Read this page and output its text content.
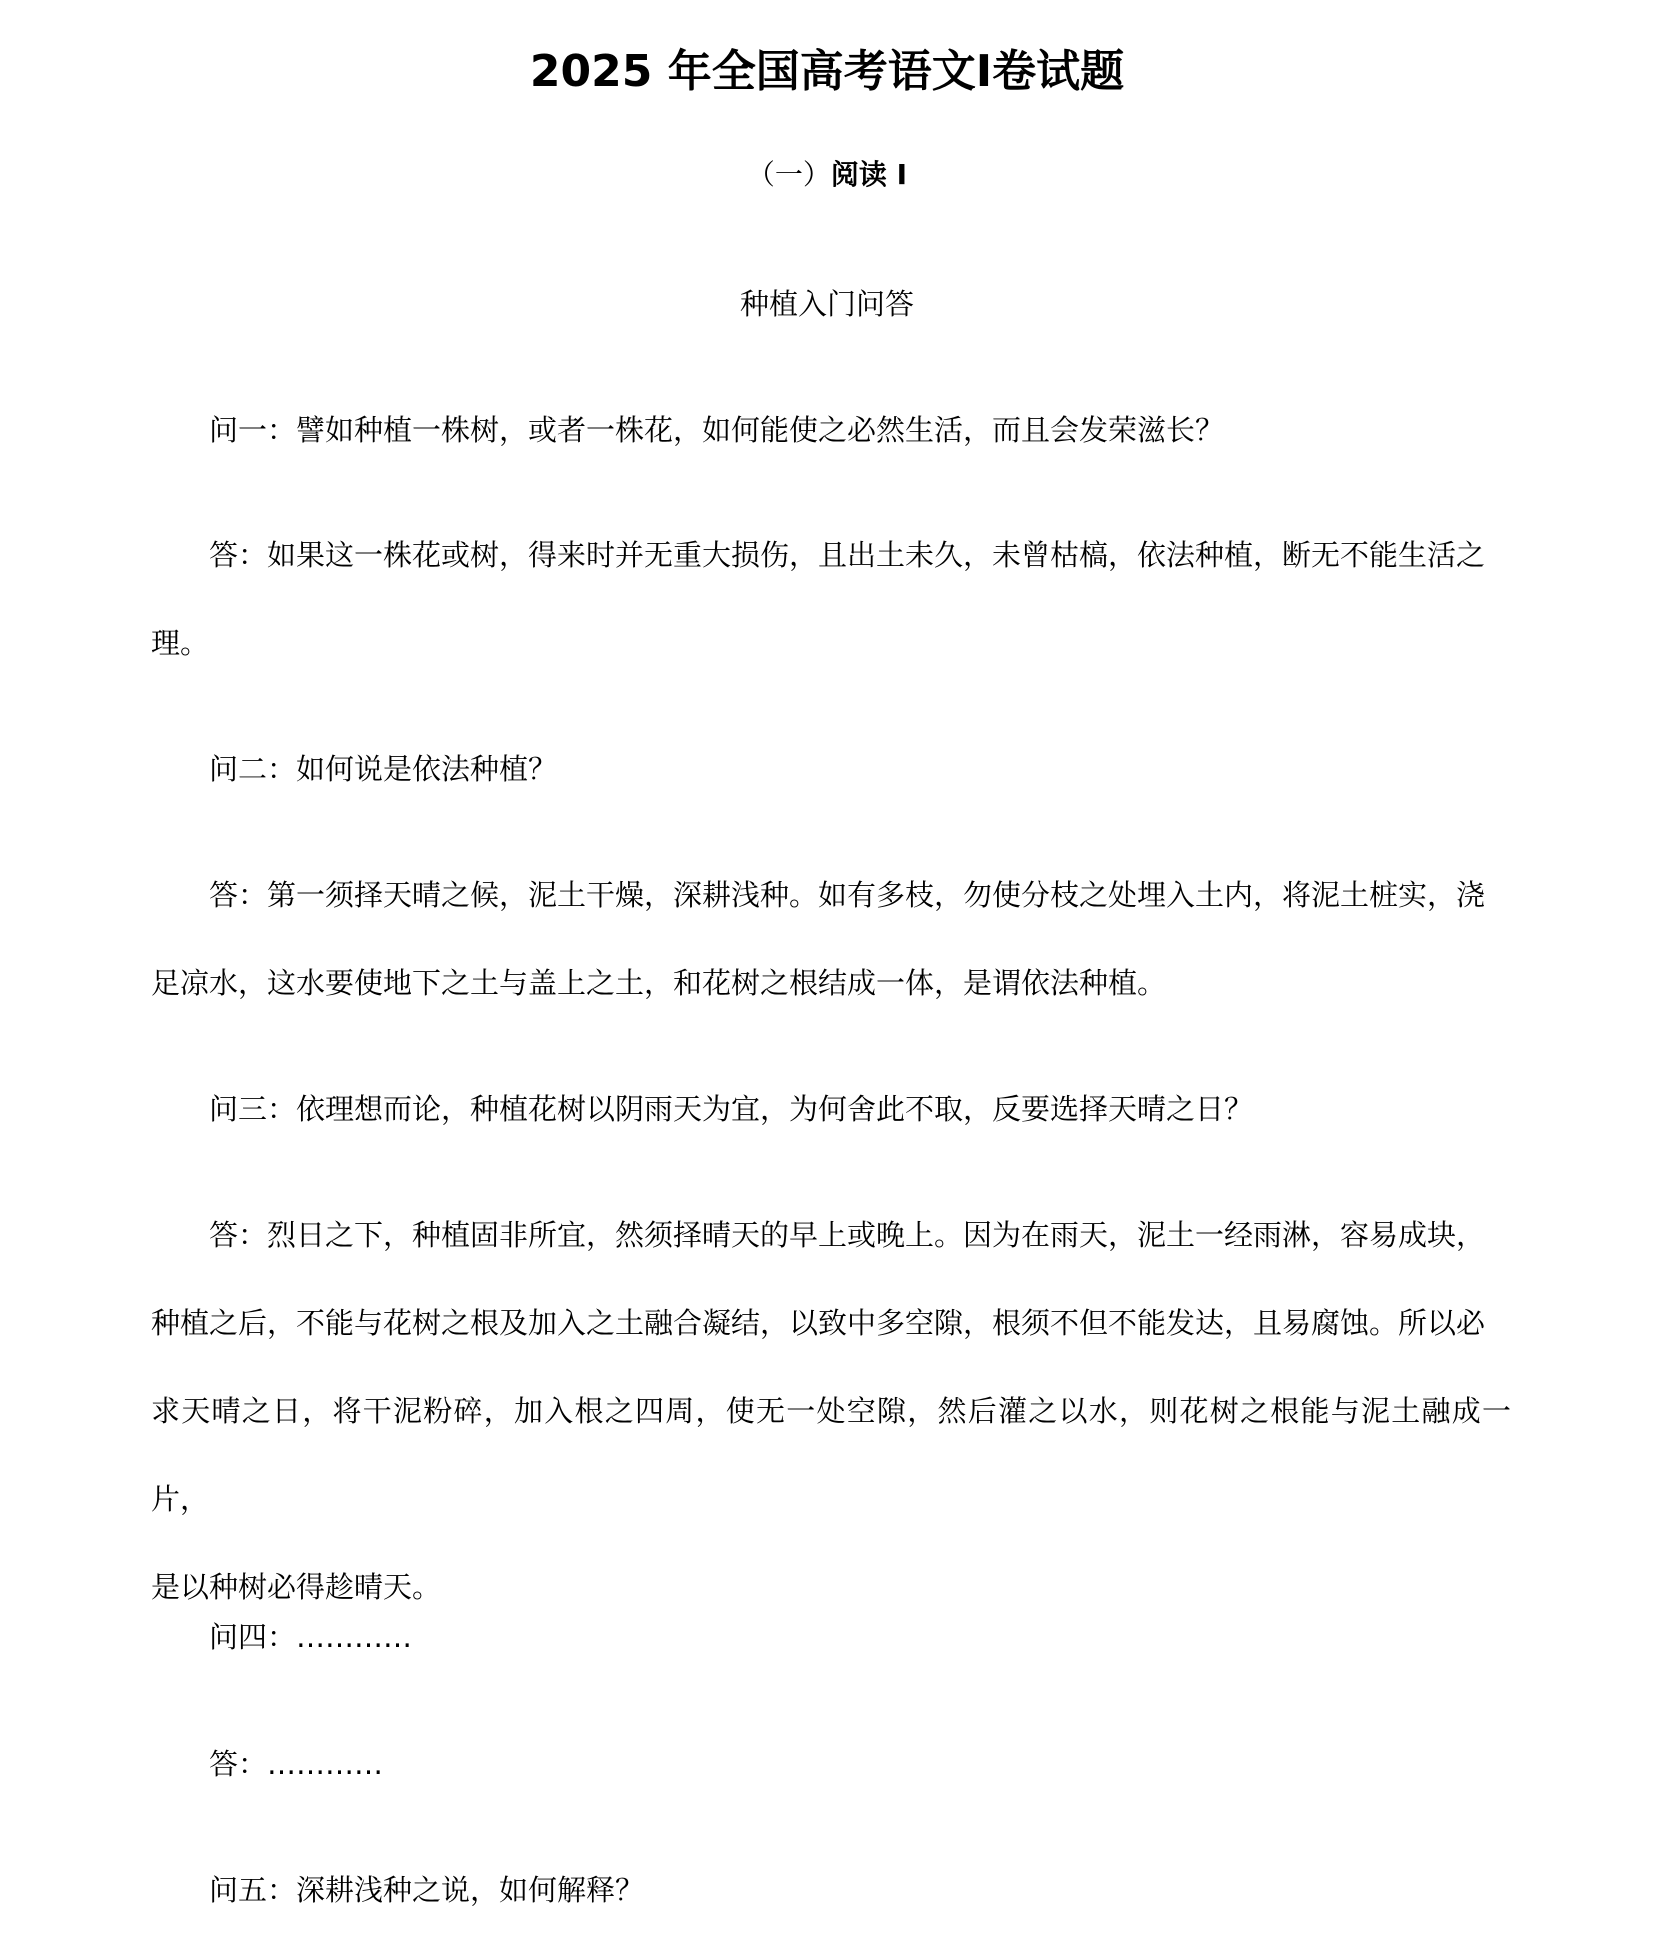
2025 年全国高考语文Ⅰ卷试题

（一）阅读 I

种植入门问答

问一：譬如种植一株树，或者一株花，如何能使之必然生活，而且会发荣滋长？
答：如果这一株花或树，得来时并无重大损伤，且出土未久，未曾枯槁，依法种植，断无不能生活之
理。
问二：如何说是依法种植？
答：第一须择天晴之候，泥土干燥，深耕浅种。如有多枝，勿使分枝之处埋入土内，将泥土桩实，浇
足凉水，这水要使地下之土与盖上之土，和花树之根结成一体，是谓依法种植。
问三：依理想而论，种植花树以阴雨天为宜，为何舍此不取，反要选择天晴之日？
答：烈日之下，种植固非所宜，然须择晴天的早上或晚上。因为在雨天，泥土一经雨淋，容易成块，
种植之后，不能与花树之根及加入之土融合凝结，以致中多空隙，根须不但不能发达，且易腐蚀。所以必
求天晴之日，将干泥粉碎，加入根之四周，使无一处空隙，然后灌之以水，则花树之根能与泥土融成一片，
是以种树必得趁晴天。
问四：…………
答：…………
问五：深耕浅种之说，如何解释？
